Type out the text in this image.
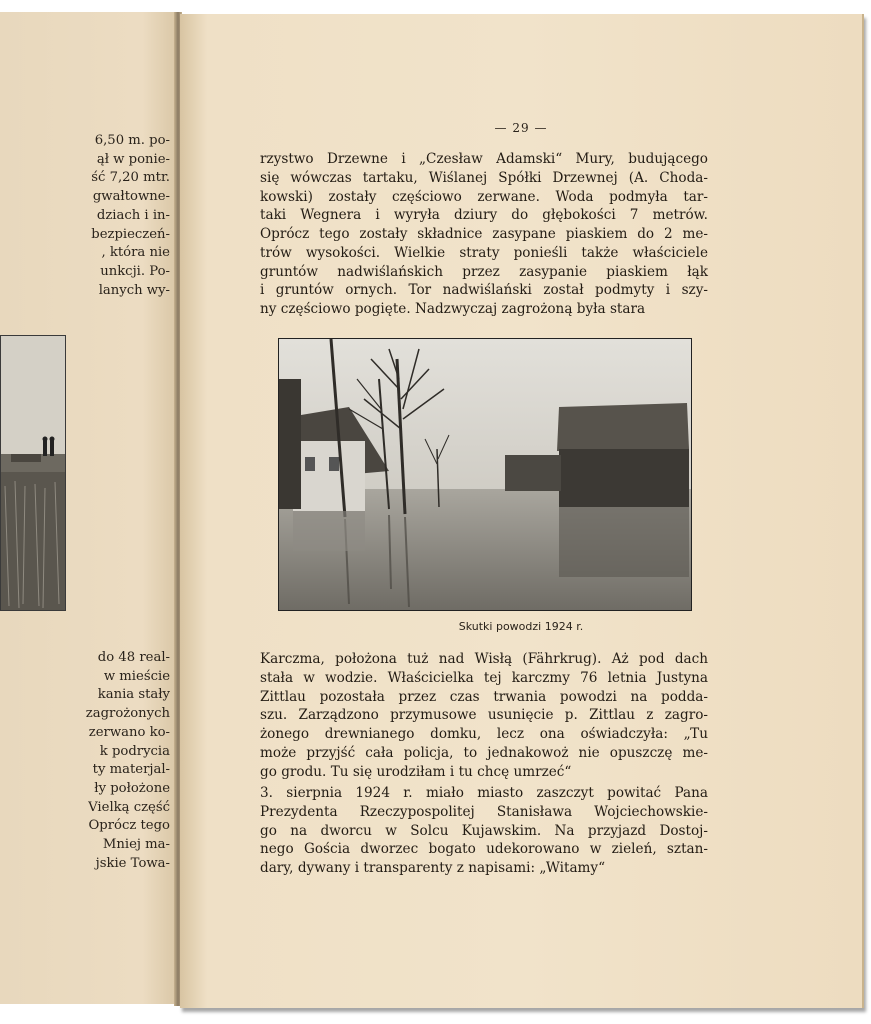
6,50 m. po-
ął w ponie-
ść 7,20 mtr.
gwałtowne-
dziach i in-
bezpieczeń-
, która nie
unkcji. Po-
lanych wy-
do 48 real-
w mieście
kania stały
zagrożonych
zerwano ko-
k podrycia
ty materjal-
ły położone
Vielką część
Oprócz tego
Mniej ma-
jskie Towa-
— 29 —
rzystwo Drzewne i „Czesław Adamski“ Mury, budującego
się wówczas tartaku, Wiślanej Spółki Drzewnej (A. Choda-
kowski) zostały częściowo zerwane. Woda podmyła tar-
taki Wegnera i wyryła dziury do głębokości 7 metrów.
Oprócz tego zostały składnice zasypane piaskiem do 2 me-
trów wysokości. Wielkie straty ponieśli także właściciele
gruntów nadwiślańskich przez zasypanie piaskiem łąk
i gruntów ornych. Tor nadwiślański został podmyty i szy-
ny częściowo pogięte. Nadzwyczaj zagrożoną była stara
Skutki powodzi 1924 r.
Karczma, położona tuż nad Wisłą (Fährkrug). Aż pod dach
stała w wodzie. Właścicielka tej karczmy 76 letnia Justyna
Zittlau pozostała przez czas trwania powodzi na podda-
szu. Zarządzono przymusowe usunięcie p. Zittlau z zagro-
żonego drewnianego domku, lecz ona oświadczyła: „Tu
może przyjść cała policja, to jednakowoż nie opuszczę me-
go grodu. Tu się urodziłam i tu chcę umrzeć“
3. sierpnia 1924 r. miało miasto zaszczyt powitać Pana
Prezydenta Rzeczypospolitej Stanisława Wojciechowskie-
go na dworcu w Solcu Kujawskim. Na przyjazd Dostoj-
nego Gościa dworzec bogato udekorowano w zieleń, sztan-
dary, dywany i transparenty z napisami: „Witamy“
